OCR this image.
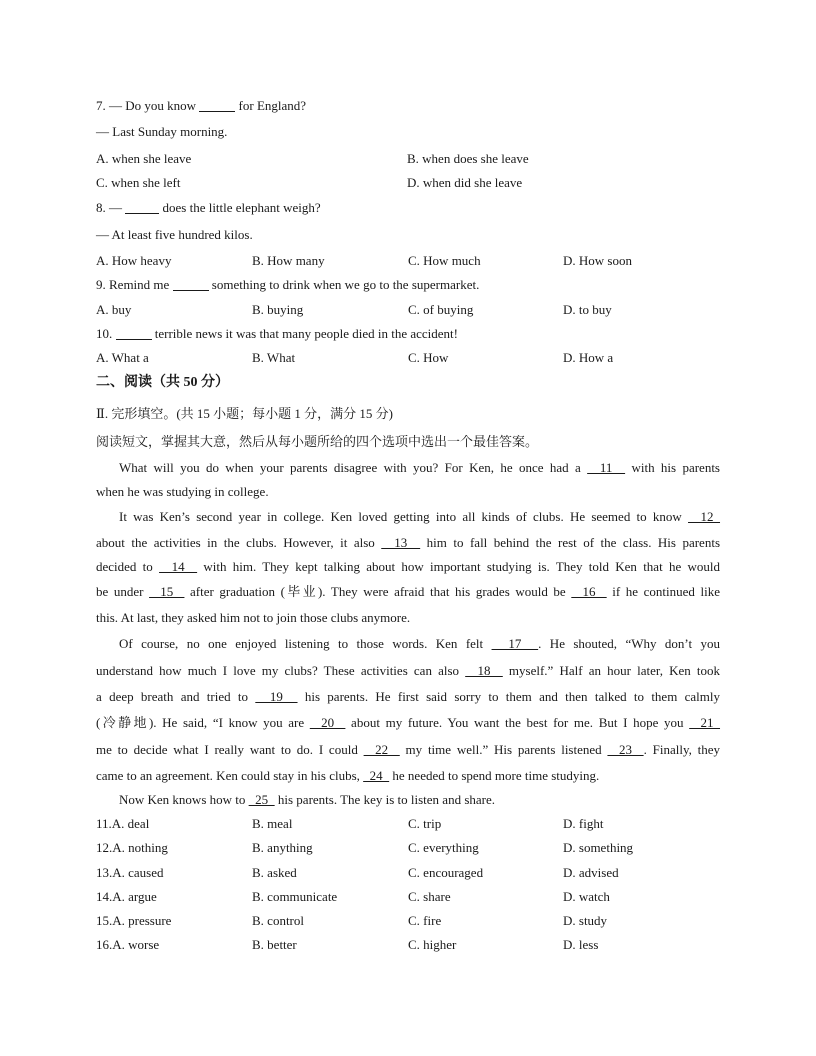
7. — Do you know	for England?
— Last Sunday morning.
A. when she leave	B. when does she leave
C. when she left	D. when did she leave
8. —	does the little elephant weigh?
— At least five hundred kilos.
A. How heavy	B. How many	C. How much	D. How soon
9. Remind me	something to drink when we go to the supermarket.
A. buy	B. buying	C. of buying	D. to buy
10.	terrible news it was that many people died in the accident!
A. What a	B. What	C. How	D. How a
二、阅读（共 50 分）
Ⅱ. 完形填空。(共 15 小题；每小题 1 分，满分 15 分)
阅读短文，掌握其大意，然后从每小题所给的四个选项中选出一个最佳答案。
What will you do when your parents disagree with you? For Ken, he once had a   11   with his parents
when he was studying in college.
It was Ken’s second year in college. Ken loved getting into all kinds of clubs. He seemed to know   12
about the activities in the clubs. However, it also   13   him to fall behind the rest of the class. His parents
decided to   14   with him. They kept talking about how important studying is. They told Ken that he would
be under   15   after graduation (毕业). They were afraid that his grades would be   16   if he continued like
this. At last, they asked him not to join those clubs anymore.
Of course, no one enjoyed listening to those words. Ken felt   17  . He shouted, “Why don’t you
understand how much I love my clubs? These activities can also   18   myself.” Half an hour later, Ken took
a deep breath and tried to   19   his parents. He first said sorry to them and then talked to them calmly
(冷静地). He said, “I know you are   20   about my future. You want the best for me. But I hope you   21
me to decide what I really want to do. I could   22   my time well.” His parents listened   23  . Finally, they
came to an agreement. Ken could stay in his clubs,   24   he needed to spend more time studying.
Now Ken knows how to   25   his parents. The key is to listen and share.
11.A. deal	B. meal	C. trip	D. fight
12.A. nothing	B. anything	C. everything	D. something
13.A. caused	B. asked	C. encouraged	D. advised
14.A. argue	B. communicate	C. share	D. watch
15.A. pressure	B. control	C. fire	D. study
16.A. worse	B. better	C. higher	D. less
